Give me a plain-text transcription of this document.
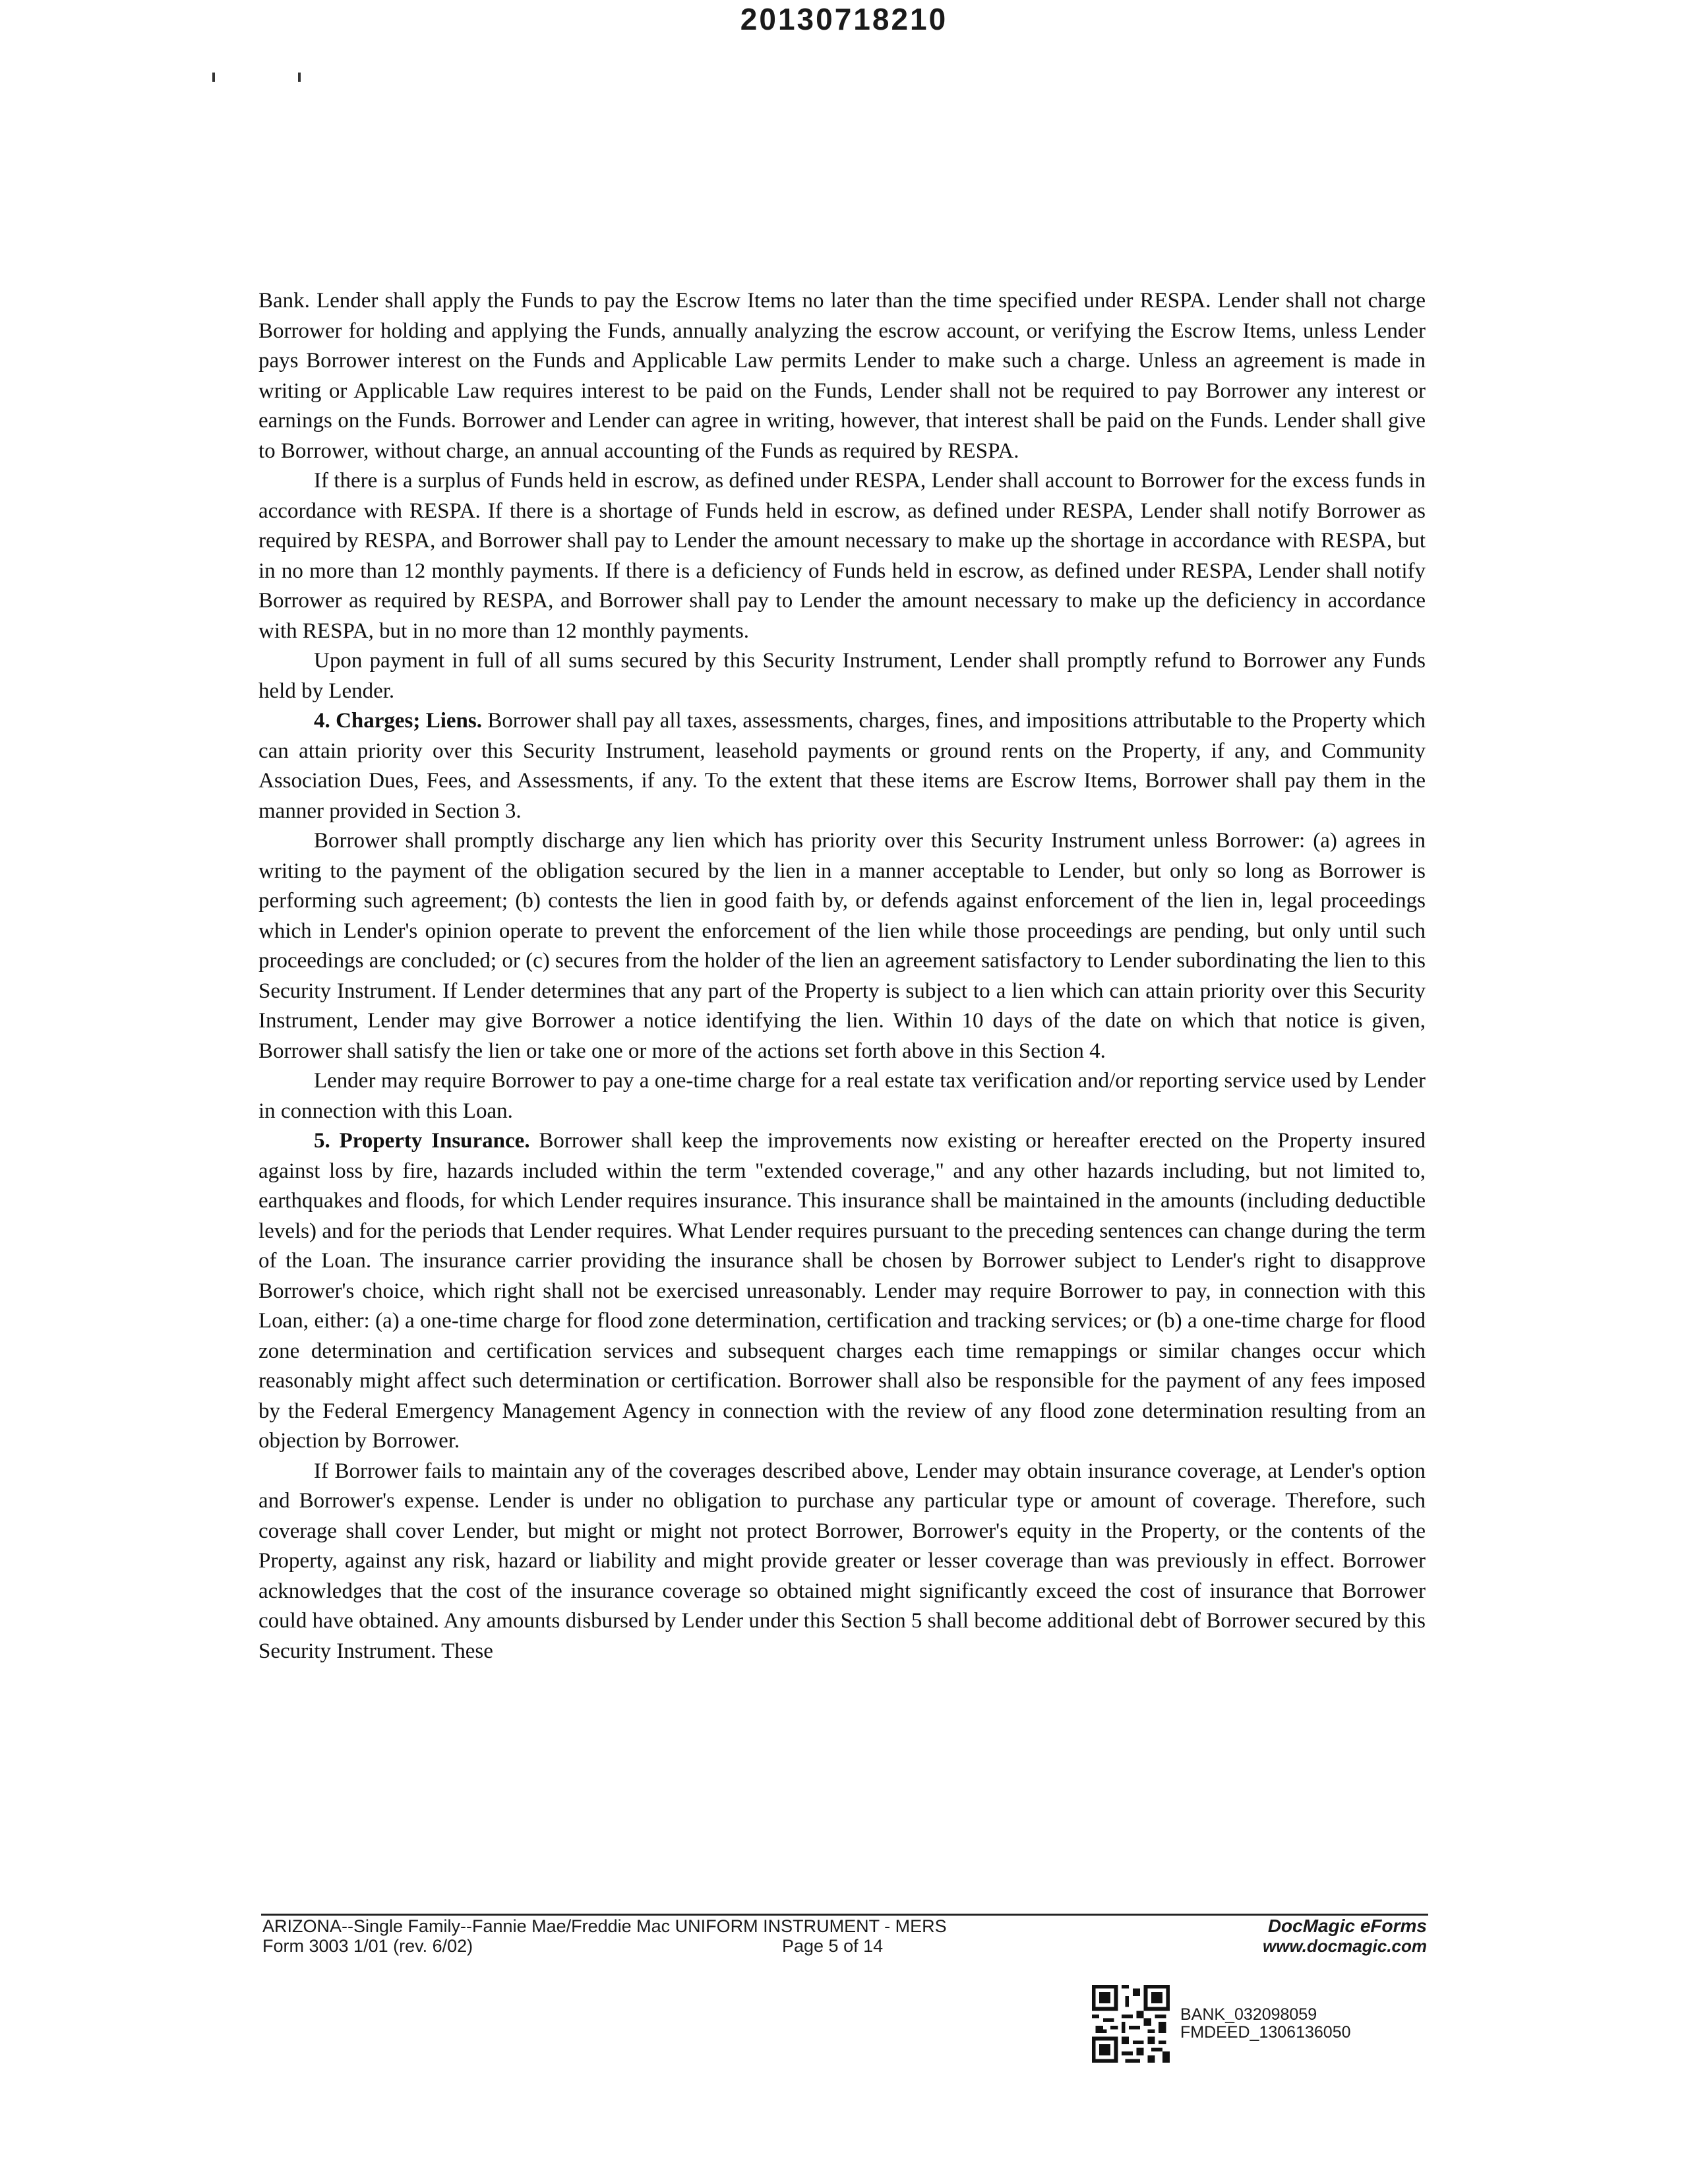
20130718210

Bank. Lender shall apply the Funds to pay the Escrow Items no later than the time specified under RESPA. Lender shall not charge Borrower for holding and applying the Funds, annually analyzing the escrow account, or verifying the Escrow Items, unless Lender pays Borrower interest on the Funds and Applicable Law permits Lender to make such a charge. Unless an agreement is made in writing or Applicable Law requires interest to be paid on the Funds, Lender shall not be required to pay Borrower any interest or earnings on the Funds. Borrower and Lender can agree in writing, however, that interest shall be paid on the Funds. Lender shall give to Borrower, without charge, an annual accounting of the Funds as required by RESPA.

If there is a surplus of Funds held in escrow, as defined under RESPA, Lender shall account to Borrower for the excess funds in accordance with RESPA. If there is a shortage of Funds held in escrow, as defined under RESPA, Lender shall notify Borrower as required by RESPA, and Borrower shall pay to Lender the amount necessary to make up the shortage in accordance with RESPA, but in no more than 12 monthly payments. If there is a deficiency of Funds held in escrow, as defined under RESPA, Lender shall notify Borrower as required by RESPA, and Borrower shall pay to Lender the amount necessary to make up the deficiency in accordance with RESPA, but in no more than 12 monthly payments.

Upon payment in full of all sums secured by this Security Instrument, Lender shall promptly refund to Borrower any Funds held by Lender.

4. Charges; Liens. Borrower shall pay all taxes, assessments, charges, fines, and impositions attributable to the Property which can attain priority over this Security Instrument, leasehold payments or ground rents on the Property, if any, and Community Association Dues, Fees, and Assessments, if any. To the extent that these items are Escrow Items, Borrower shall pay them in the manner provided in Section 3.

Borrower shall promptly discharge any lien which has priority over this Security Instrument unless Borrower: (a) agrees in writing to the payment of the obligation secured by the lien in a manner acceptable to Lender, but only so long as Borrower is performing such agreement; (b) contests the lien in good faith by, or defends against enforcement of the lien in, legal proceedings which in Lender's opinion operate to prevent the enforcement of the lien while those proceedings are pending, but only until such proceedings are concluded; or (c) secures from the holder of the lien an agreement satisfactory to Lender subordinating the lien to this Security Instrument. If Lender determines that any part of the Property is subject to a lien which can attain priority over this Security Instrument, Lender may give Borrower a notice identifying the lien. Within 10 days of the date on which that notice is given, Borrower shall satisfy the lien or take one or more of the actions set forth above in this Section 4.

Lender may require Borrower to pay a one-time charge for a real estate tax verification and/or reporting service used by Lender in connection with this Loan.

5. Property Insurance. Borrower shall keep the improvements now existing or hereafter erected on the Property insured against loss by fire, hazards included within the term "extended coverage," and any other hazards including, but not limited to, earthquakes and floods, for which Lender requires insurance. This insurance shall be maintained in the amounts (including deductible levels) and for the periods that Lender requires. What Lender requires pursuant to the preceding sentences can change during the term of the Loan. The insurance carrier providing the insurance shall be chosen by Borrower subject to Lender's right to disapprove Borrower's choice, which right shall not be exercised unreasonably. Lender may require Borrower to pay, in connection with this Loan, either: (a) a one-time charge for flood zone determination, certification and tracking services; or (b) a one-time charge for flood zone determination and certification services and subsequent charges each time remappings or similar changes occur which reasonably might affect such determination or certification. Borrower shall also be responsible for the payment of any fees imposed by the Federal Emergency Management Agency in connection with the review of any flood zone determination resulting from an objection by Borrower.

If Borrower fails to maintain any of the coverages described above, Lender may obtain insurance coverage, at Lender's option and Borrower's expense. Lender is under no obligation to purchase any particular type or amount of coverage. Therefore, such coverage shall cover Lender, but might or might not protect Borrower, Borrower's equity in the Property, or the contents of the Property, against any risk, hazard or liability and might provide greater or lesser coverage than was previously in effect. Borrower acknowledges that the cost of the insurance coverage so obtained might significantly exceed the cost of insurance that Borrower could have obtained. Any amounts disbursed by Lender under this Section 5 shall become additional debt of Borrower secured by this Security Instrument. These

ARIZONA--Single Family--Fannie Mae/Freddie Mac UNIFORM INSTRUMENT - MERS
Form 3003 1/01 (rev. 6/02)	Page 5 of 14
DocMagic eForms
www.docmagic.com
BANK_032098059
FMDEED_1306136050
